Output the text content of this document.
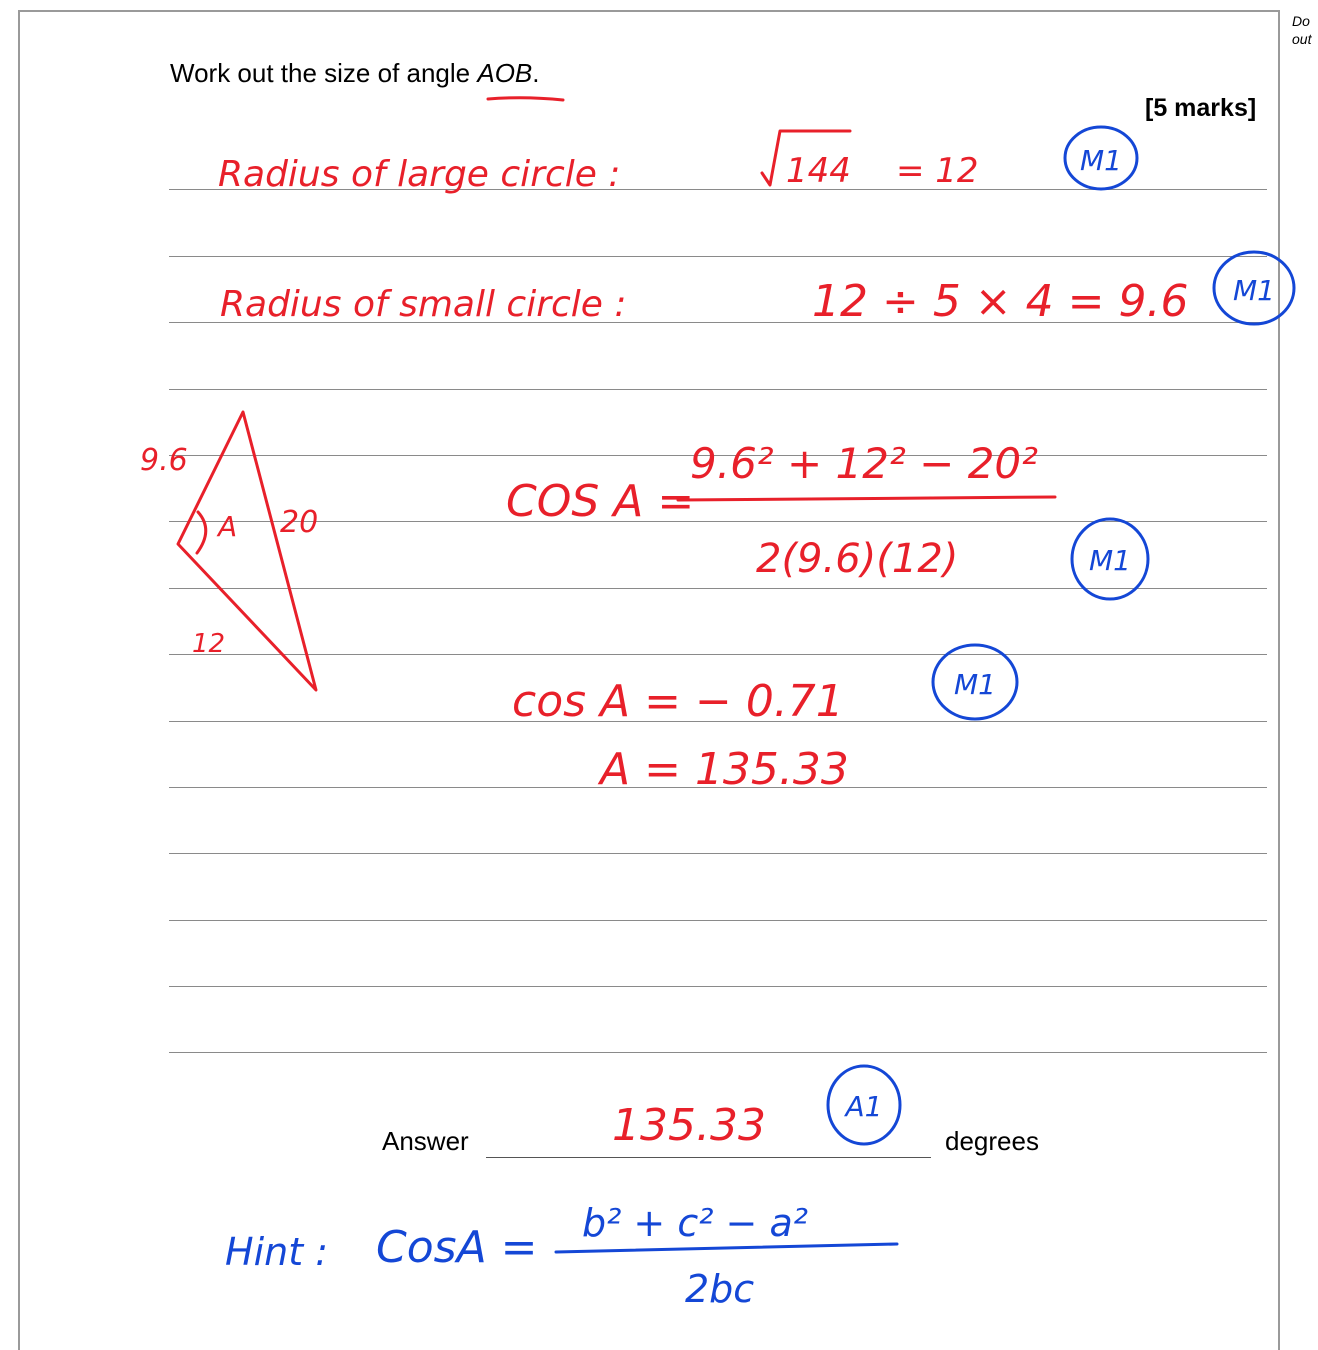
Do
out
Work out the size of angle AOB.
[5 marks]
Answer	degrees
Radius of large circle :	144 = 12	M1
Radius of small circle :	12 ÷ 5 × 4 = 9.6 M1
9.6
A 20
12
COS A =
9.6² + 12² − 20²
2(9.6)(12)	M1
cos A = − 0.71	M1
A = 135.33
135.33	A1
Hint : CosA = b² + c² − a²
2bc
